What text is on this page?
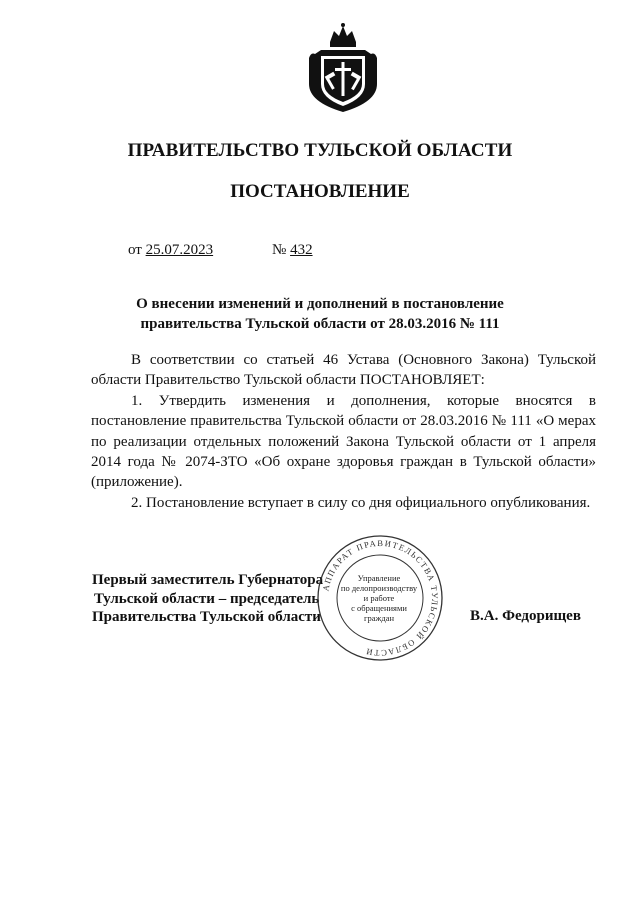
ПРАВИТЕЛЬСТВО ТУЛЬСКОЙ ОБЛАСТИ
ПОСТАНОВЛЕНИЕ
от 25.07.2023	№ 432
О внесении изменений и дополнений в постановление
правительства Тульской области от 28.03.2016 № 111

В соответствии со статьей 46 Устава (Основного Закона) Тульской области Правительство Тульской области ПОСТАНОВЛЯЕТ:

1. Утвердить изменения и дополнения, которые вносятся в постановление правительства Тульской области от 28.03.2016 № 111 «О мерах по реализации отдельных положений Закона Тульской области от 1 апреля 2014 года № 2074-ЗТО «Об охране здоровья граждан в Тульской области» (приложение).

2. Постановление вступает в силу со дня официального опубликования.

Первый заместитель Губернатора
Тульской области – председатель
Правительства Тульской области
АППАРАТ ПРАВИТЕЛЬСТВА ТУЛЬСКОЙ ОБЛАСТИ
Управление
по делопроизводству
и работе
с обращениями
граждан	В.А. Федорищев
